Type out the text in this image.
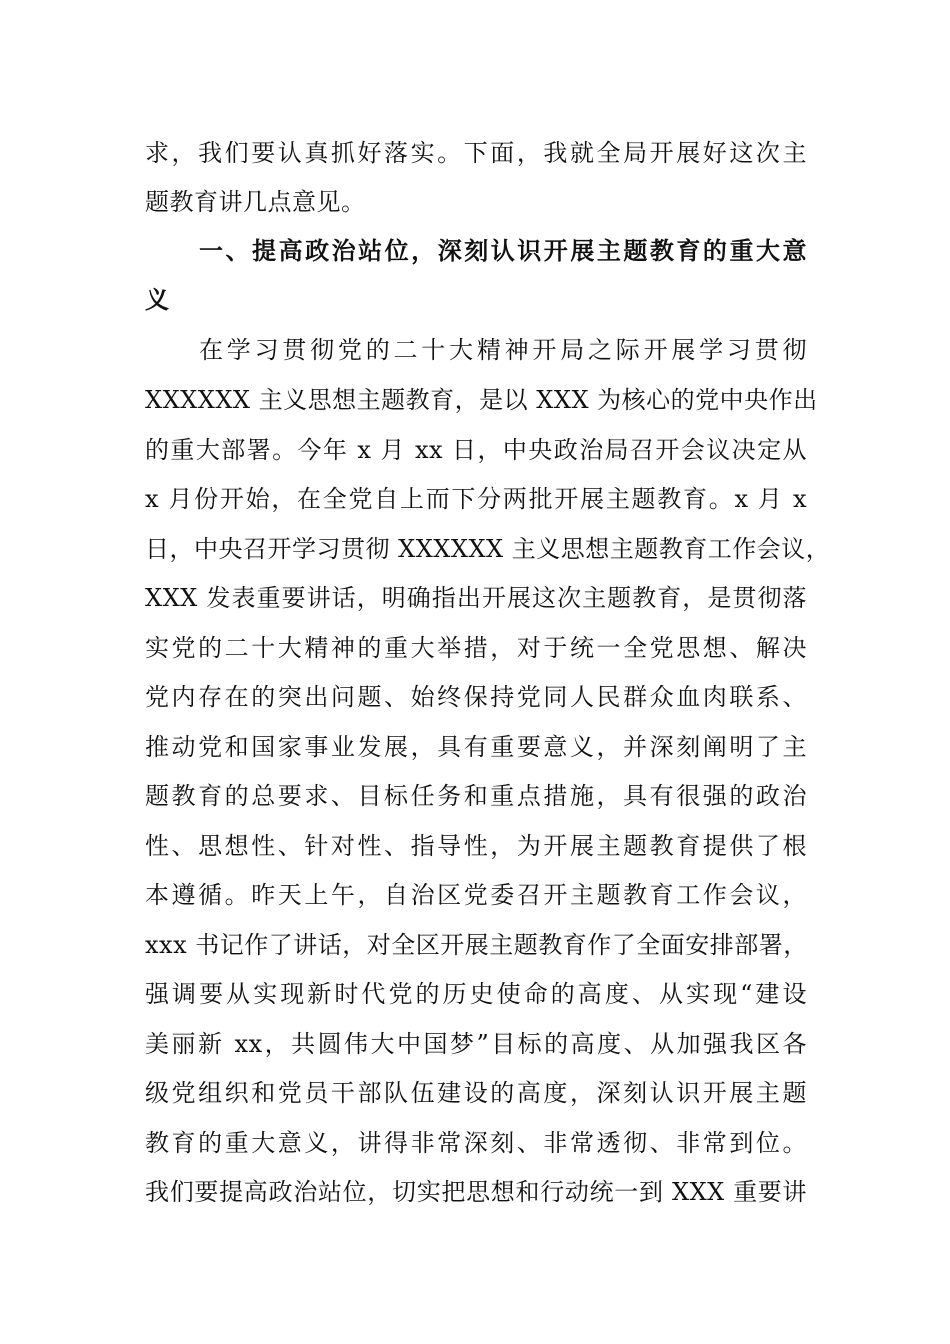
求，我们要认真抓好落实。下面，我就全局开展好这次主
题教育讲几点意见。
一、提高政治站位，深刻认识开展主题教育的重大意
义
在学习贯彻党的二十大精神开局之际开展学习贯彻
XXXXXX 主义思想主题教育，是以 XXX 为核心的党中央作出
的重大部署。今年 x 月 xx 日，中央政治局召开会议决定从
x 月份开始，在全党自上而下分两批开展主题教育。x 月 x
日，中央召开学习贯彻 XXXXXX 主义思想主题教育工作会议，
XXX 发表重要讲话，明确指出开展这次主题教育，是贯彻落
实党的二十大精神的重大举措，对于统一全党思想、解决
党内存在的突出问题、始终保持党同人民群众血肉联系、
推动党和国家事业发展，具有重要意义，并深刻阐明了主
题教育的总要求、目标任务和重点措施，具有很强的政治
性、思想性、针对性、指导性，为开展主题教育提供了根
本遵循。昨天上午，自治区党委召开主题教育工作会议，
xxx 书记作了讲话，对全区开展主题教育作了全面安排部署，
强调要从实现新时代党的历史使命的高度、从实现“建设
美丽新 xx，共圆伟大中国梦”目标的高度、从加强我区各
级党组织和党员干部队伍建设的高度，深刻认识开展主题
教育的重大意义，讲得非常深刻、非常透彻、非常到位。
我们要提高政治站位，切实把思想和行动统一到 XXX 重要讲
